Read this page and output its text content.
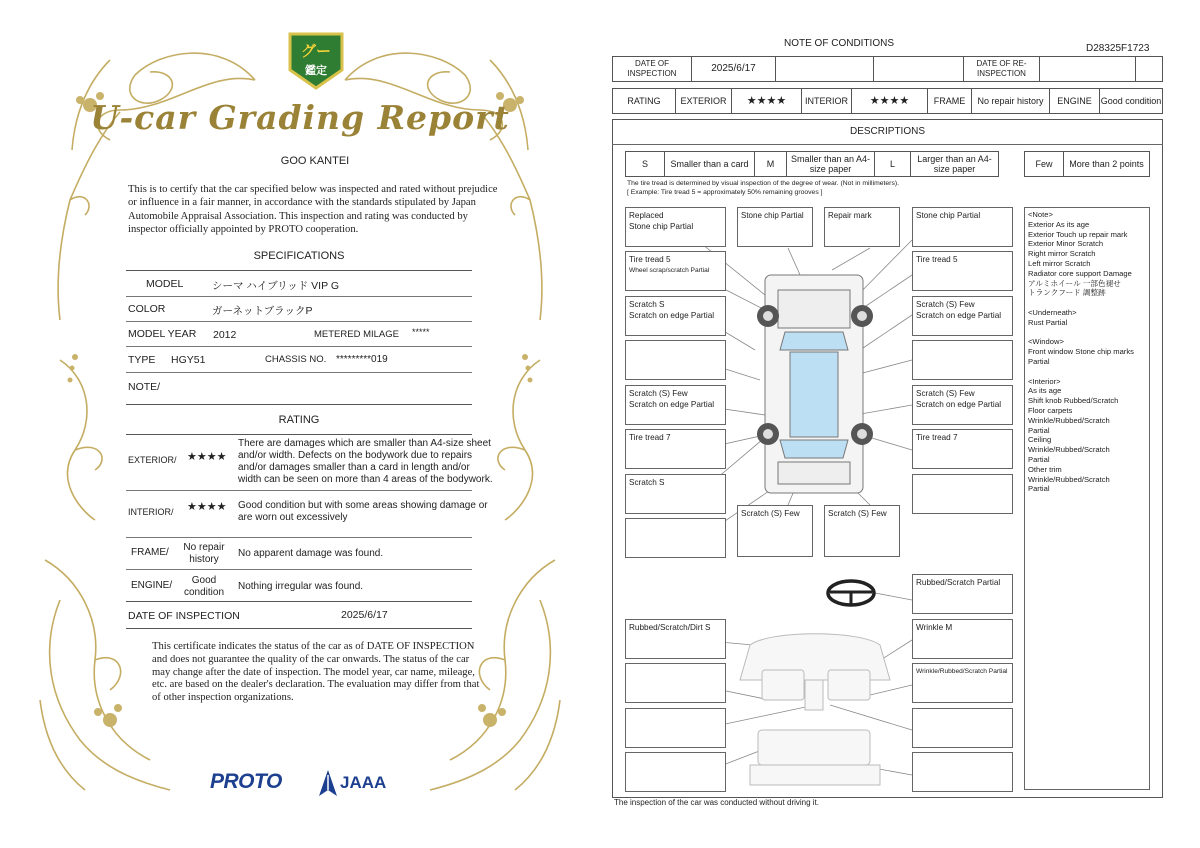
グー
鑑定
U-car Grading Report
GOO KANTEI
This is to certify that the car specified below was inspected and rated without prejudice or influence in a fair manner, in accordance with the standards stipulated by Japan Automobile Appraisal Association. This inspection and rating was conducted by inspector officially appointed by PROTO cooperation.
SPECIFICATIONS
MODEL	シーマ ハイブリッド VIP G
COLOR	ガーネットブラックP
MODEL YEAR 2012	METERED MILAGE *****
TYPE HGY51	CHASSIS NO. *********019
NOTE/
RATING
EXTERIOR/ ★★★★
There are damages which are smaller than A4-size sheet and/or width. Defects on the bodywork due to repairs and/or damages smaller than a card in length and/or width can be seen on more than 4 areas of the bodywork.
INTERIOR/ ★★★★ Good condition but with some areas showing damage or are worn out excessively
FRAME/	No repair history
No apparent damage was found.
ENGINE/	Good condition
Nothing irregular was found.
DATE OF INSPECTION	2025/6/17
This certificate indicates the status of the car as of DATE OF INSPECTION and does not guarantee the quality of the car onwards. The status of the car may change after the date of inspection. The model year, car name, mileage, etc. are based on the dealer's declaration. The evaluation may differ from that of other inspection organizations.
PROTO	JAAA
NOTE OF CONDITIONS	D28325F1723
DATE OF INSPECTION	2025/6/17	DATE OF RE-INSPECTION
RATING	EXTERIOR	★★★★	INTERIOR	★★★★	FRAME	No repair history	ENGINE Good condition
DESCRIPTIONS
S	Smaller than a card	M	Smaller than an A4-size paper	L	Larger than an A4-size paper	Few	More than 2 points
The tire tread is determined by visual inspection of the degree of wear. (Not in millimeters).
[ Example: Tire tread 5 = approximately 50% remaining grooves ]
Replaced
Stone chip Partial
Stone chip Partial	Repair mark	Stone chip Partial
Tire tread 5
Wheel scrap/scratch Partial
Tire tread 5
Scratch S
Scratch on edge Partial
Scratch (S) Few
Scratch on edge Partial
Scratch (S) Few
Scratch on edge Partial
Scratch (S) Few
Scratch on edge Partial
Tire tread 7	Tire tread 7
Scratch S
Scratch (S) Few	Scratch (S) Few
Rubbed/Scratch Partial
Rubbed/Scratch/Dirt S	Wrinkle M
Wrinkle/Rubbed/Scratch Partial
<Note>
Exterior As its age
Exterior Touch up repair mark
Exterior Minor Scratch
Right mirror Scratch
Left mirror Scratch
Radiator core support Damage
アルミホイール 一部色褪せ
トランクフード 調整跡
<Underneath>
Rust Partial
<Window>
Front window Stone chip marks
Partial
<Interior>
As its age
Shift knob Rubbed/Scratch
Floor carpets
Wrinkle/Rubbed/Scratch
Partial
Ceiling
Wrinkle/Rubbed/Scratch
Partial
Other trim
Wrinkle/Rubbed/Scratch
Partial
The inspection of the car was conducted without driving it.
